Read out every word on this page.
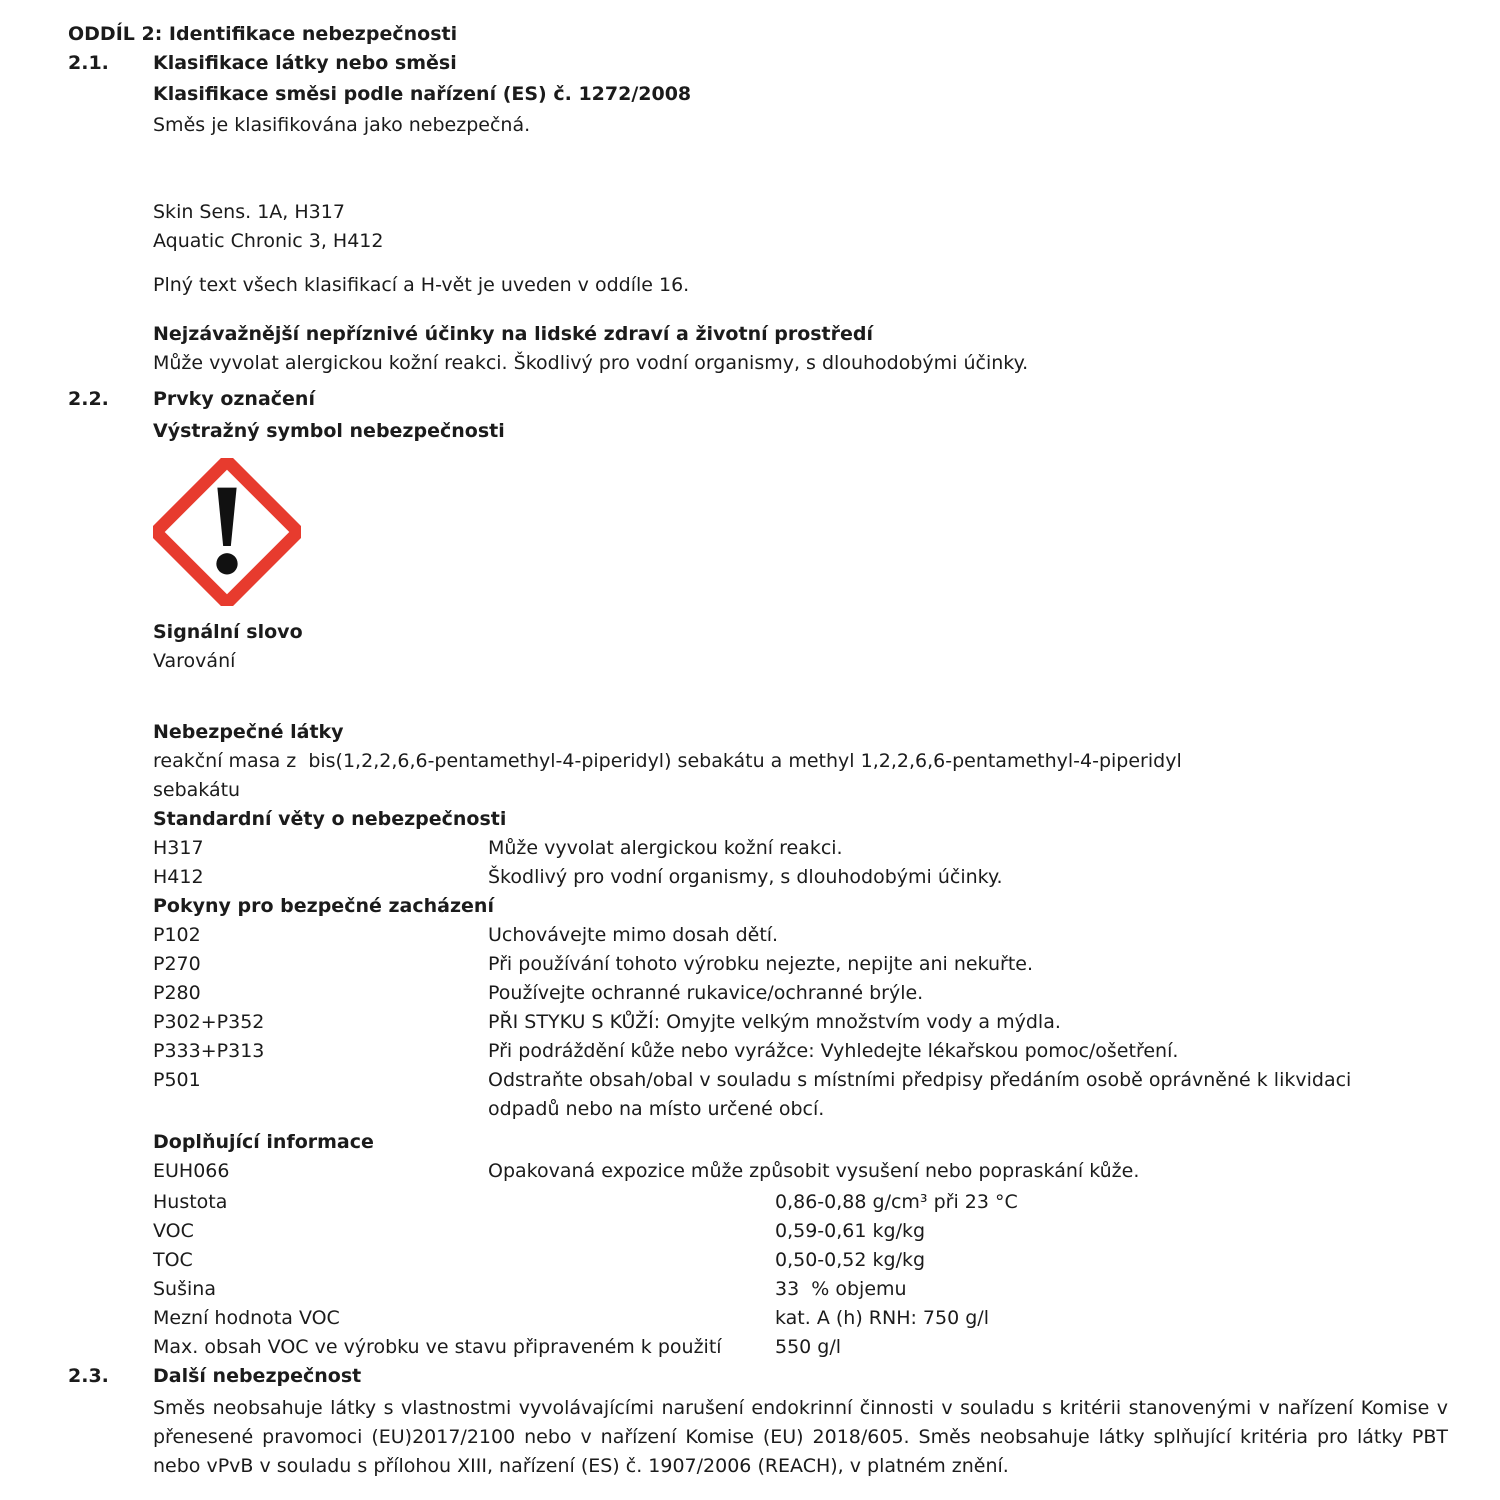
ODDÍL 2: Identifikace nebezpečnosti
2.1.	Klasifikace látky nebo směsi
Klasifikace směsi podle nařízení (ES) č. 1272/2008
Směs je klasifikována jako nebezpečná.
Skin Sens. 1A, H317
Aquatic Chronic 3, H412
Plný text všech klasifikací a H-vět je uveden v oddíle 16.
Nejzávažnější nepříznivé účinky na lidské zdraví a životní prostředí
Může vyvolat alergickou kožní reakci. Škodlivý pro vodní organismy, s dlouhodobými účinky.
2.2.	Prvky označení
Výstražný symbol nebezpečnosti
Signální slovo
Varování
Nebezpečné látky
reakční masa z  bis(1,2,2,6,6-pentamethyl-4-piperidyl) sebakátu a methyl 1,2,2,6,6-pentamethyl-4-piperidyl sebakátu
Standardní věty o nebezpečnosti
H317	Může vyvolat alergickou kožní reakci.
H412	Škodlivý pro vodní organismy, s dlouhodobými účinky.
Pokyny pro bezpečné zacházení
P102	Uchovávejte mimo dosah dětí.
P270	Při používání tohoto výrobku nejezte, nepijte ani nekuřte.
P280	Používejte ochranné rukavice/ochranné brýle.
P302+P352	PŘI STYKU S KŮŽÍ: Omyjte velkým množstvím vody a mýdla.
P333+P313	Při podráždění kůže nebo vyrážce: Vyhledejte lékařskou pomoc/ošetření.
P501	Odstraňte obsah/obal v souladu s místními předpisy předáním osobě oprávněné k likvidaci odpadů nebo na místo určené obcí.
Doplňující informace
EUH066	Opakovaná expozice může způsobit vysušení nebo popraskání kůže.
Hustota	0,86-0,88 g/cm³ při 23 °C
VOC	0,59-0,61 kg/kg
TOC	0,50-0,52 kg/kg
Sušina	33  % objemu
Mezní hodnota VOC	kat. A (h) RNH: 750 g/l
Max. obsah VOC ve výrobku ve stavu připraveném k použití	550 g/l
2.3.	Další nebezpečnost
Směs neobsahuje látky s vlastnostmi vyvolávajícími narušení endokrinní činnosti v souladu s kritérii stanovenými v nařízení Komise v přenesené pravomoci (EU)2017/2100 nebo v nařízení Komise (EU) 2018/605. Směs neobsahuje látky splňující kritéria pro látky PBT nebo vPvB v souladu s přílohou XIII, nařízení (ES) č. 1907/2006 (REACH), v platném znění.
